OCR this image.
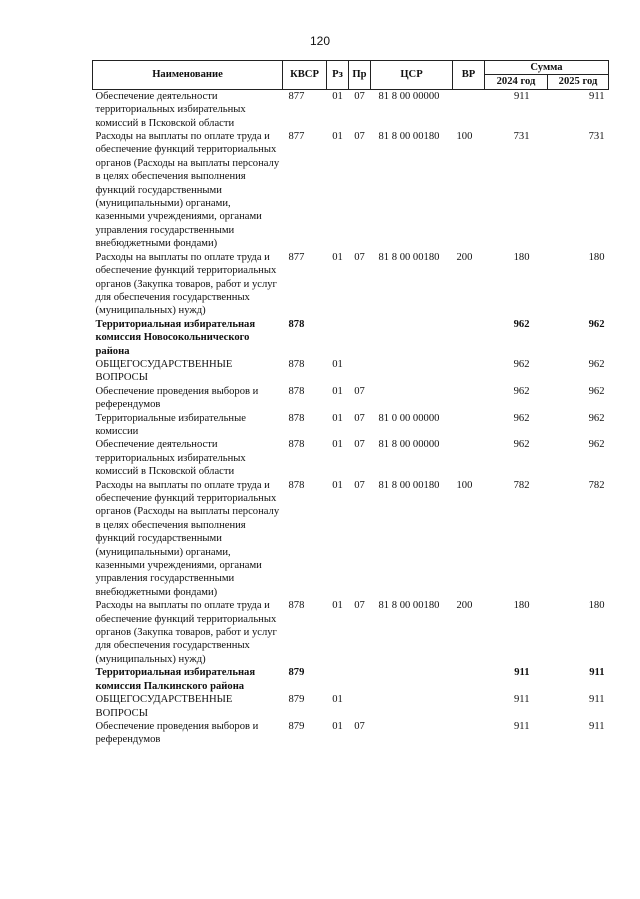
120
Наименование	КВСР	Рз	Пр	ЦСР	ВР	Сумма	
						2024 год	2025 год
Обеспечение деятельности территориальных избирательных комиссий в Псковской области	877	01	07	81 8 00 00000		911	911
Расходы на выплаты по оплате труда и обеспечение функций территориальных органов (Расходы на выплаты персоналу в целях обеспечения выполнения функций государственными (муниципальными) органами, казенными учреждениями, органами управления государственными внебюджетными фондами)	877	01	07	81 8 00 00180	100	731	731
Расходы на выплаты по оплате труда и обеспечение функций территориальных органов (Закупка товаров, работ и услуг для обеспечения государственных (муниципальных) нужд)	877	01	07	81 8 00 00180	200	180	180
Территориальная избирательная комиссия Новосокольнического района	878					962	962
ОБЩЕГОСУДАРСТВЕННЫЕ ВОПРОСЫ	878	01				962	962
Обеспечение проведения выборов и референдумов	878	01	07			962	962
Территориальные избирательные комиссии	878	01	07	81 0 00 00000		962	962
Обеспечение деятельности территориальных избирательных комиссий в Псковской области	878	01	07	81 8 00 00000		962	962
Расходы на выплаты по оплате труда и обеспечение функций территориальных органов (Расходы на выплаты персоналу в целях обеспечения выполнения функций государственными (муниципальными) органами, казенными учреждениями, органами управления государственными внебюджетными фондами)	878	01	07	81 8 00 00180	100	782	782
Расходы на выплаты по оплате труда и обеспечение функций территориальных органов (Закупка товаров, работ и услуг для обеспечения государственных (муниципальных) нужд)	878	01	07	81 8 00 00180	200	180	180
Территориальная избирательная комиссия Палкинского района	879					911	911
ОБЩЕГОСУДАРСТВЕННЫЕ ВОПРОСЫ	879	01				911	911
Обеспечение проведения выборов и референдумов	879	01	07			911	911
